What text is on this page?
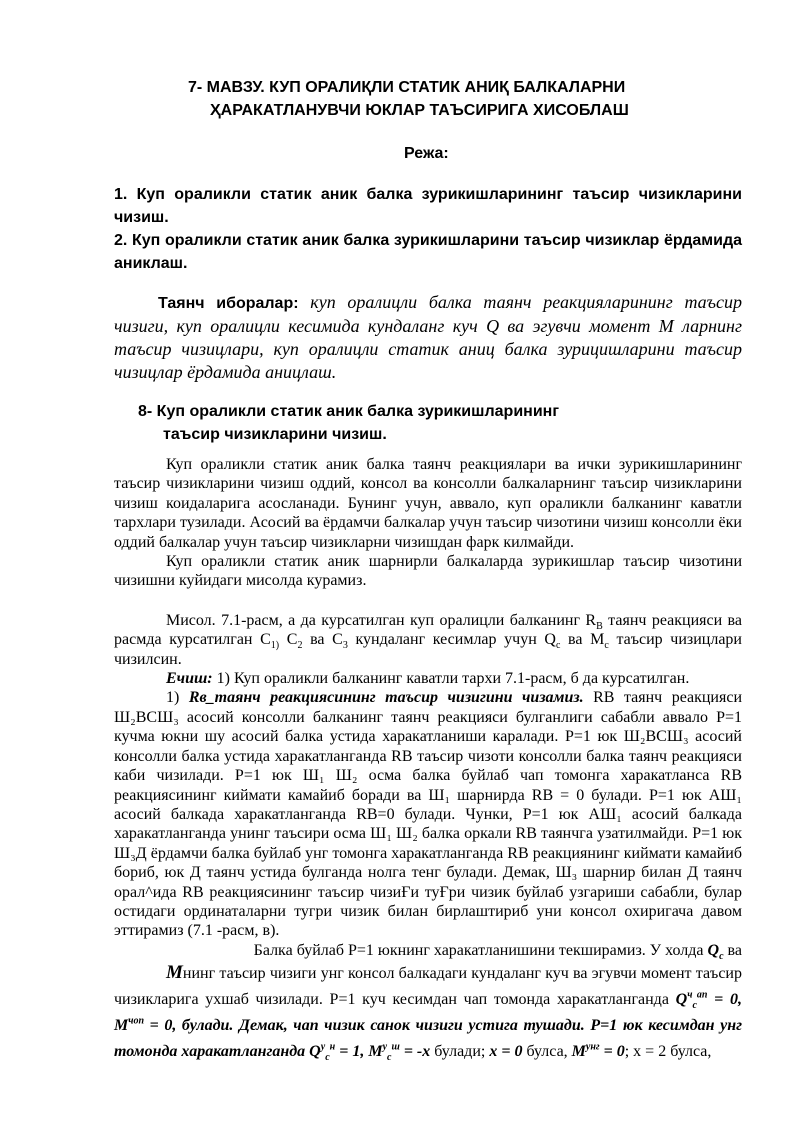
7- МАВЗУ. КУП ОРАЛИҚЛИ СТАТИК АНИҚ БАЛКАЛАРНИ
ҲАРАКАТЛАНУВЧИ ЮКЛАР ТАЪСИРИГА ХИСОБЛАШ
Режа:

1. Куп ораликли статик аник балка зурикишларининг таъсир чизикларини чизиш.

2. Куп ораликли статик аник балка зурикишларини таъсир чизиклар ёрдамида аниклаш.

Таянч иборалар: куп оралицли балка таянч реакцияларининг таъсир чизиги, куп оралицли кесимида кундаланг куч Q ва эгувчи момент М ларнинг таъсир чизицлари, куп оралицли статик аниц балка зурицишларини таъсир чизицлар ёрдамида аницлаш.

8- Куп ораликли статик аник балка зурикишларининг
таъсир чизикларини чизиш.

Куп ораликли статик аник балка таянч реакциялари ва ички зурикишларининг таъсир чизикларини чизиш оддий, консол ва консолли балкаларнинг таъсир чизикларини чизиш коидаларига асосланади. Бунинг учун, аввало, куп ораликли балканинг каватли тархлари тузилади. Асосий ва ёрдамчи балкалар учун таъсир чизотини чизиш консолли ёки оддий балкалар учун таъсир чизикларни чизишдан фарк килмайди.

Куп ораликли статик аник шарнирли балкаларда зурикишлар таъсир чизотини чизишни куйидаги мисолда курамиз.

Мисол. 7.1-расм, а да курсатилган куп оралицли балканинг $R_B$ таянч реакцияси ва расмда курсатилган $С_{1)}$ $С_2$ ва $С_3$ кундаланг кесимлар учун $Q_c$ ва $M_c$ таъсир чизицлари чизилсин.

Ечиш: 1) Куп ораликли балканинг каватли тархи 7.1-расм, б да курсатилган.

1) Rв_таянч реакциясининг таъсир чизигини чизамиз. RВ таянч реакцияси Ш₂ВСШ₃ асосий консолли балканинг таянч реакцияси булганлиги сабабли аввало Р=1 кучма юкни шу асосий балка устида харакатланиши каралади. Р=1 юк Ш₂ВСШ₃ асосий консолли балка устида харакатланганда RВ таъсир чизоти консолли балка таянч реакцияси каби чизилади. Р=1 юк Ш₁ Ш₂ осма балка буйлаб чап томонга харакатланса RВ реакциясининг киймати камайиб боради ва Ш₁ шарнирда RВ = 0 булади. Р=1 юк АШ₁ асосий балкада харакатланганда RВ=0 булади. Чунки, Р=1 юк АШ₁ асосий балкада харакатланганда унинг таъсири осма Ш₁ Ш₂ балка оркали RВ таянчга узатилмайди. Р=1 юк Ш₃Д ёрдамчи балка буйлаб унг томонга харакатланганда RВ реакциянинг киймати камайиб бориб, юк Д таянч устида булганда нолга тенг булади. Демак, Ш₃ шарнир билан Д таянч орал^ида RВ реакциясининг таъсир чизиҒи туҒри чизик буйлаб узгариши сабабли, булар остидаги ординаталарни тугри чизик билан бирлаштириб уни консол охиригача давом эттирамиз (7.1 -расм, в).

Балка буйлаб Р=1 юкнинг харакатланишини текширамиз. У холда $Q_c$ ва

Mнинг таъсир чизиги унг консол балкадаги кундаланг куч ва эгувчи момент таъсир чизикларига ухшаб чизилади. Р=1 куч кесимдан чап томонда харакатланганда $Q^ч_c^{ап} = 0$, $M^{чоп} = 0$, булади. Демак, чап чизик санок чизиги устига тушади. Р=1 юк кесимдан унг томонда харакатланганда $Q^у_c^н = 1$, $M^у_c^ш = -x$ булади; x = 0 булса, $M^{унг} = 0$; х = 2 булса,
